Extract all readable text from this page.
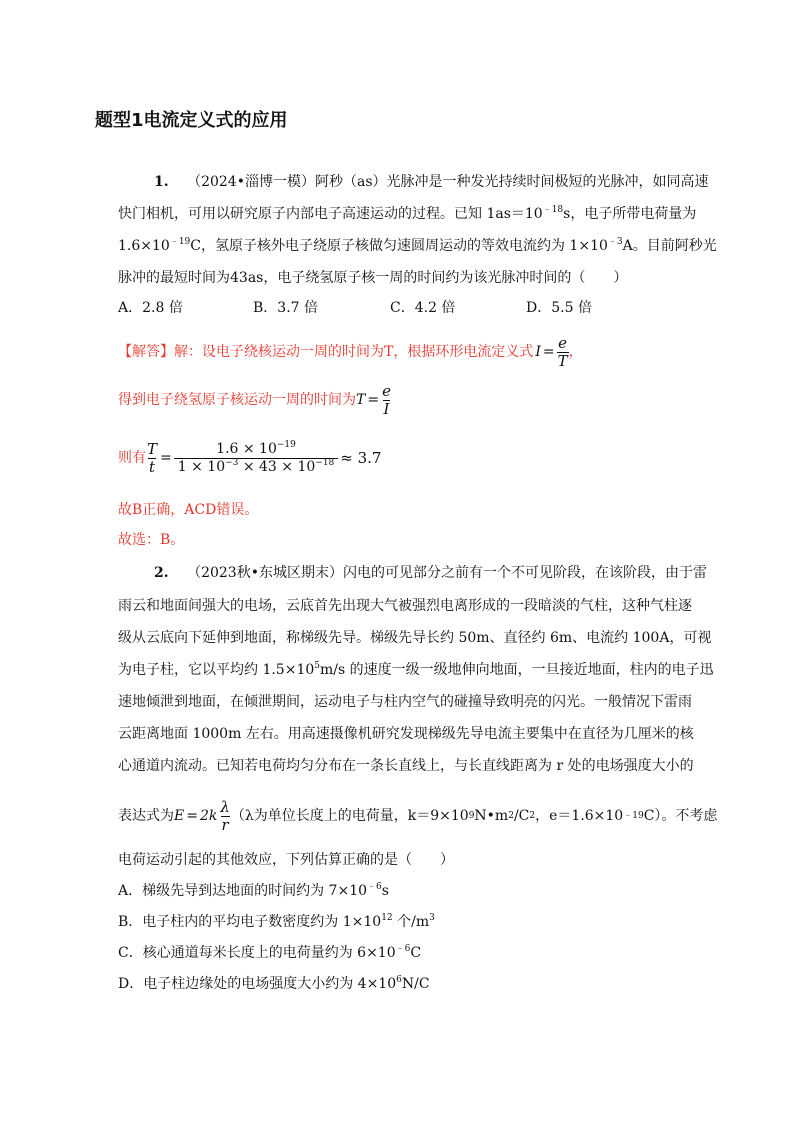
题型1电流定义式的应用
1. （2024•淄博一模）阿秒（as）光脉冲是一种发光持续时间极短的光脉冲，如同高速
快门相机，可用以研究原子内部电子高速运动的过程。已知 $1as=10^{﹣18}s$，电子所带电荷量为
$1.6\times 10^{﹣19}C$，氢原子核外电子绕原子核做匀速圆周运动的等效电流约为 $1\times 10^{﹣3}A$。目前阿秒光
脉冲的最短时间为43as，电子绕氢原子核一周的时间约为该光脉冲时间的（　　）
A．2.8 倍	B．3.7 倍	C．4.2 倍	D．5.5 倍
【解答】 解：设电子绕核运动一周的时间为T，根据环形电流定义式 $I = \frac{e}{T}$ ，
得到电子绕氢原子核运动一周的时间为 $T = \frac{e}{I}$
则有 $\frac{T}{t} = \frac{1.6 \times 10^{-19}}{1 \times 10^{-3} \times 43 \times 10^{-18}} \approx 3.7$
故B正确，ACD错误。
故选：B。
2. （2023秋•东城区期末）闪电的可见部分之前有一个不可见阶段，在该阶段，由于雷
雨云和地面间强大的电场，云底首先出现大气被强烈电离形成的一段暗淡的气柱，这种气柱逐
级从云底向下延伸到地面，称梯级先导。梯级先导长约 50m、直径约 6m、电流约 100A，可视
为电子柱，它以平均约 $1.5\times 10^5m/s$ 的速度一级一级地伸向地面，一旦接近地面，柱内的电子迅
速地倾泄到地面，在倾泄期间，运动电子与柱内空气的碰撞导致明亮的闪光。一般情况下雷雨
云距离地面 1000m 左右。用高速摄像机研究发现梯级先导电流主要集中在直径为几厘米的核
心通道内流动。已知若电荷均匀分布在一条长直线上，与长直线距离为 r 处的电场强度大小的
表达式为 $E = 2k \frac{\lambda}{r} (\lambda$为单位长度上的电荷量，k＝9×10 9 N•m 2 /C 2 ，e＝1.6×10 ﹣19 C）。不考虑
电荷运动引起的其他效应，下列估算正确的是（　　）
A．梯级先导到达地面的时间约为 $7\times 10^{﹣6}s$
B．电子柱内的平均电子数密度约为 $1\times 10^{12}$ 个$/m^3$
C．核心通道每米长度上的电荷量约为 $6\times 10^{﹣6}C$
D．电子柱边缘处的电场强度大小约为 $4\times 10^6N/C$
